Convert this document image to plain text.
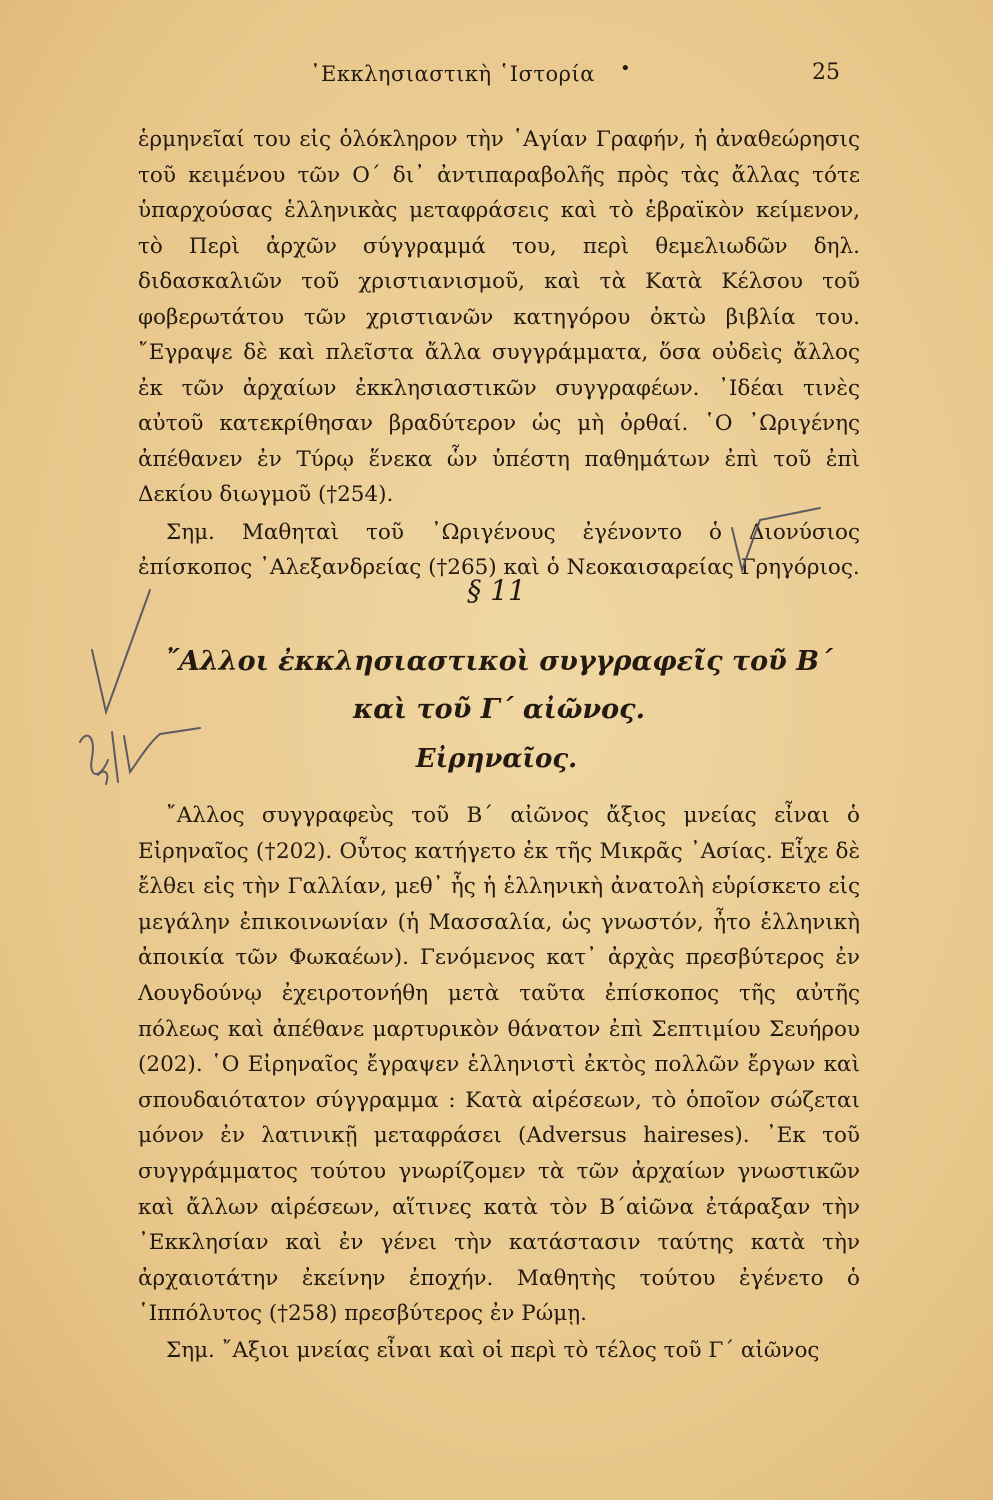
᾿Εκκλησιαστικὴ ῾Ιστορία •	25

ἑρμηνεῖαί του εἰς ὁλόκληρον τὴν ῾Αγίαν Γραφήν, ἡ ἀναθεώρησις τοῦ κειμένου τῶν Ο΄ δι᾿ ἀντιπαραβολῆς πρὸς τὰς ἄλλας τότε ὑπαρχούσας ἑλληνικὰς μεταφράσεις καὶ τὸ ἑβραϊκὸν κείμενον, τὸ Περὶ ἀρχῶν σύγγραμμά του, περὶ θεμελιωδῶν δηλ. διδασκαλιῶν τοῦ χριστιανισμοῦ, καὶ τὰ Κατὰ Κέλσου τοῦ φοβερωτάτου τῶν χριστιανῶν κατηγόρου ὀκτὼ βιβλία του. ῎Εγραψε δὲ καὶ πλεῖστα ἄλλα συγγράμματα, ὅσα οὐδεὶς ἄλλος ἐκ τῶν ἀρχαίων ἐκκλησιαστικῶν συγγραφέων. ᾿Ιδέαι τινὲς αὐτοῦ κατεκρίθησαν βραδύτερον ὡς μὴ ὀρθαί. ῾Ο ᾿Ωριγένης ἀπέθανεν ἐν Τύρῳ ἕνεκα ὧν ὑπέστη παθημάτων ἐπὶ τοῦ ἐπὶ Δεκίου διωγμοῦ (†254).

Σημ. Μαθηταὶ τοῦ ᾿Ωριγένους ἐγένοντο ὁ Διονύσιος ἐπίσκοπος ᾿Αλεξανδρείας (†265) καὶ ὁ Νεοκαισαρείας Γρηγόριος.

§ 11
῎Αλλοι ἐκκλησιαστικοὶ συγγραφεῖς τοῦ Β΄ καὶ τοῦ Γ΄ αἰῶνος.
Εἰρηναῖος.

῎Αλλος συγγραφεὺς τοῦ Β΄ αἰῶνος ἄξιος μνείας εἶναι ὁ Εἰρηναῖος (†202). Οὗτος κατήγετο ἐκ τῆς Μικρᾶς ᾿Ασίας. Εἶχε δὲ ἔλθει εἰς τὴν Γαλλίαν, μεθ᾿ ἧς ἡ ἑλληνικὴ ἀνατολὴ εὑρίσκετο εἰς μεγάλην ἐπικοινωνίαν (ἡ Μασσαλία, ὡς γνωστόν, ἦτο ἑλληνικὴ ἀποικία τῶν Φωκαέων). Γενόμενος κατ᾿ ἀρχὰς πρεσβύτερος ἐν Λουγδούνῳ ἐχειροτονήθη μετὰ ταῦτα ἐπίσκοπος τῆς αὐτῆς πόλεως καὶ ἀπέθανε μαρτυρικὸν θάνατον ἐπὶ Σεπτιμίου Σευήρου (202). ῾Ο Εἰρηναῖος ἔγραψεν ἑλληνιστὶ ἐκτὸς πολλῶν ἔργων καὶ σπουδαιότατον σύγγραμμα : Κατὰ αἱρέσεων, τὸ ὁποῖον σώζεται μόνον ἐν λατινικῇ μεταφράσει (Adversus haireses). ᾿Εκ τοῦ συγγράμματος τούτου γνωρίζομεν τὰ τῶν ἀρχαίων γνωστικῶν καὶ ἄλλων αἱρέσεων, αἵτινες κατὰ τὸν Β΄αἰῶνα ἐτάραξαν τὴν ᾿Εκκλησίαν καὶ ἐν γένει τὴν κατάστασιν ταύτης κατὰ τὴν ἀρχαιοτάτην ἐκείνην ἐποχήν. Μαθητὴς τούτου ἐγένετο ὁ ῾Ιππόλυτος (†258) πρεσβύτερος ἐν Ρώμῃ.

Σημ. ῎Αξιοι μνείας εἶναι καὶ οἱ περὶ τὸ τέλος τοῦ Γ΄ αἰῶνος
